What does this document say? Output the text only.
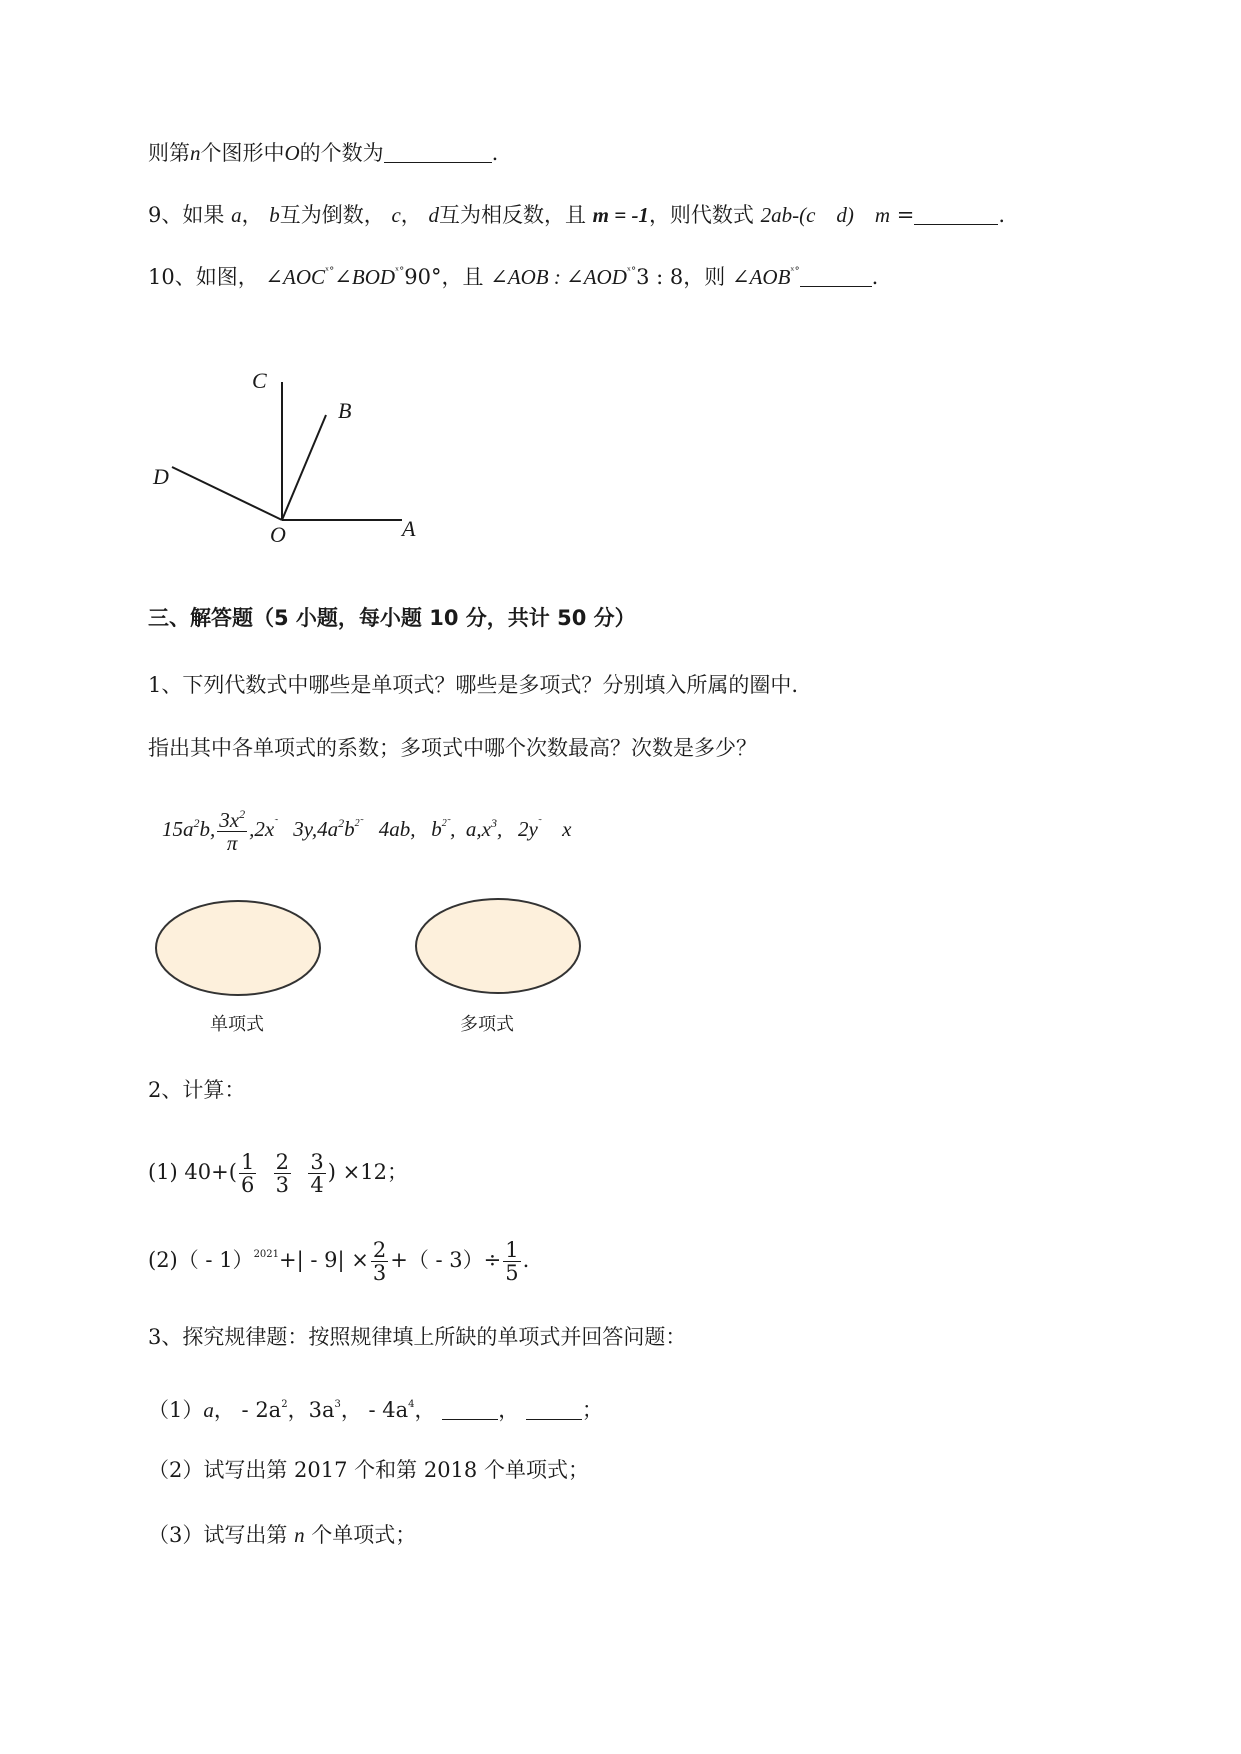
则第n个图形中O的个数为	.
9、如果 a， b互为倒数， c， d互为相反数，且 m = -1，则代数式 2ab-(c    d)    m =	.
10、如图， $\angle AOC^{ˣ^\circ}\angle BOD^{ˣ^\circ}90^\circ$，且 ∠AOB : $\angle AOD^{ˣ^\circ}3$ : 8，则 $\angle AOB^{ˣ^\circ}$	.
C
B
D
O	A
三、解答题（5 小题，每小题 10 分，共计 50 分）
1、下列代数式中哪些是单项式？哪些是多项式？分别填入所属的圈中.
指出其中各单项式的系数；多项式中哪个次数最高？次数是多少？
$15a^2b$, $\frac{3x^2}{\pi} ,2x^˜$ $3y,4a^2b^{2˜}$ 4ab, $b^{2˜}$, $a,x^3$, 2y˜ x
单项式	多项式
2、计算：
(1) $40+( \frac{1}{6}$
$\frac{2}{3}$
$\frac{3}{4}$ ) ×12；
$(2)( - 1)^{2021}+| - 9| \times \frac{2}{3}$ +（ - $3)\div \frac{1}{5}$ .
3、探究规律题：按照规律填上所缺的单项式并回答问题：
（1）a， - $2a^2$，$3a^3$， - $4a^4$，	，	；
（2）试写出第 2017 个和第 2018 个单项式；
（3）试写出第 n 个单项式；
